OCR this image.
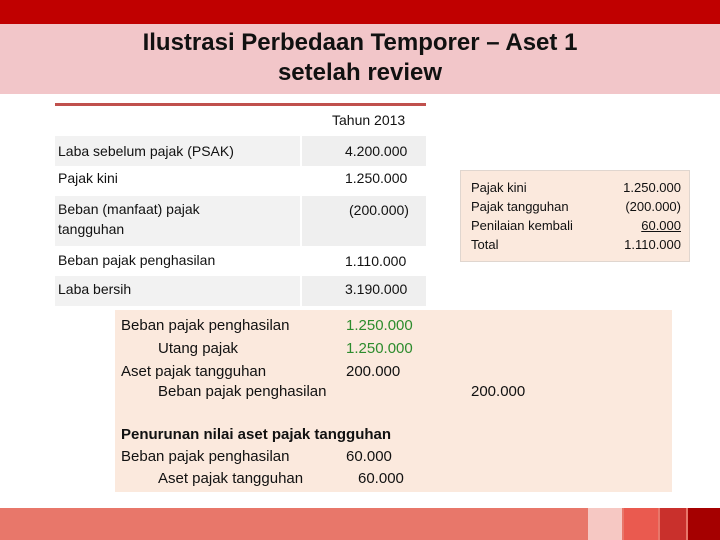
Ilustrasi Perbedaan Temporer – Aset 1
setelah review
Tahun 2013
Laba sebelum pajak (PSAK)	4.200.000
Pajak kini	1.250.000
Beban (manfaat) pajak tangguhan
(200.000)
Beban pajak penghasilan	1.110.000
Laba bersih	3.190.000
Pajak kini	1.250.000
Pajak tangguhan	(200.000)
Penilaian kembali	60.000
Total	1.110.000
Beban pajak penghasilan	1.250.000
Utang pajak	1.250.000
Aset pajak tangguhan	200.000
Beban pajak penghasilan	200.000
Penurunan nilai aset pajak tangguhan
Beban pajak penghasilan	60.000
Aset pajak tangguhan	60.000
